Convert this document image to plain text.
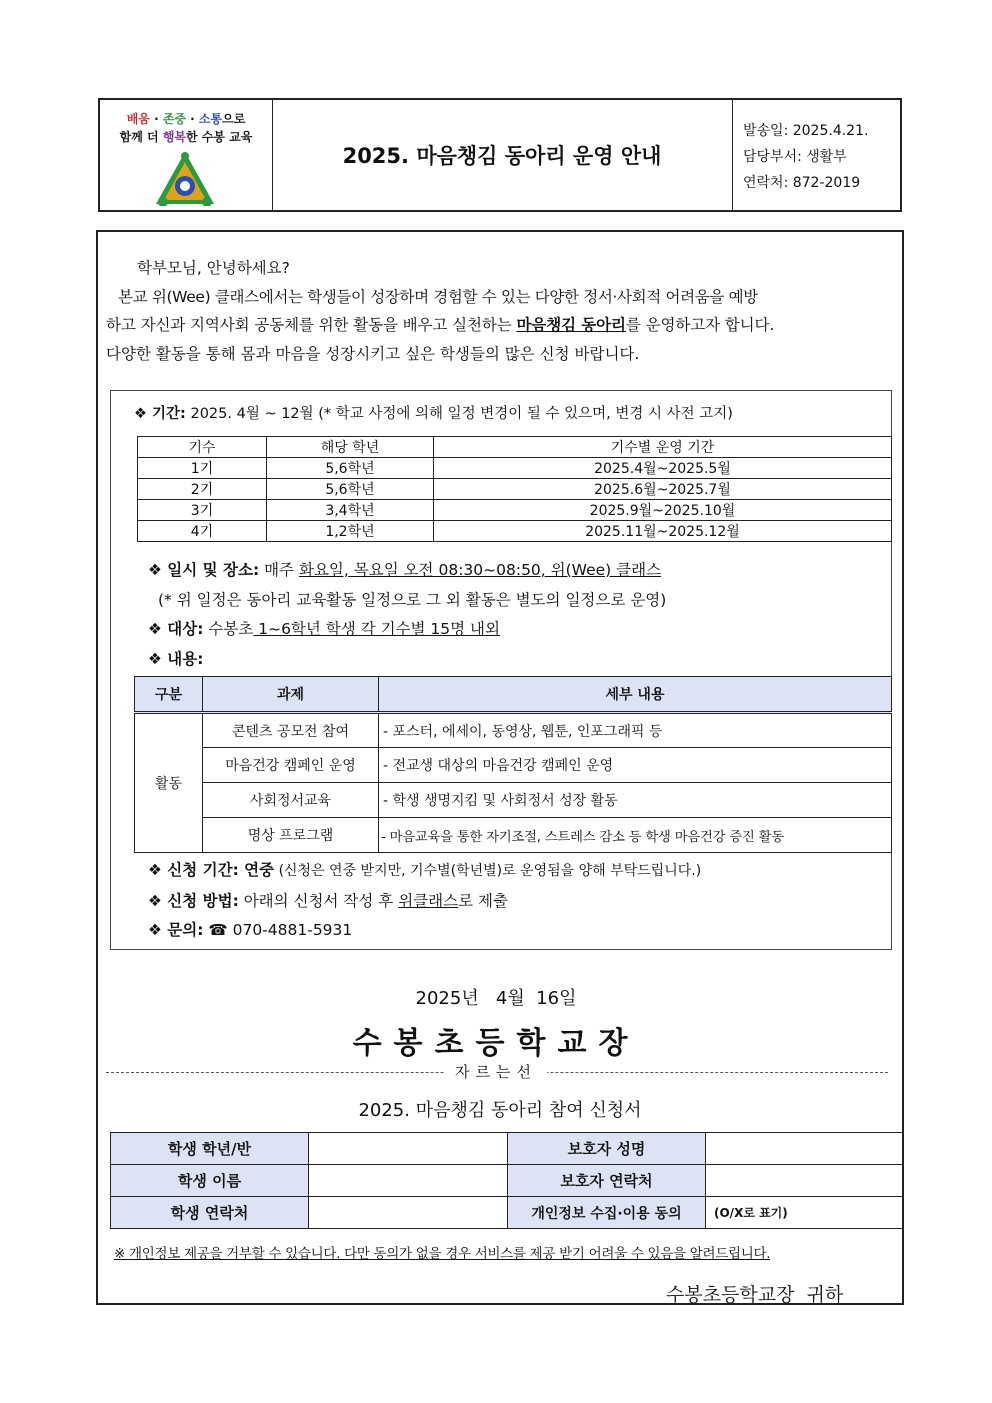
배움 · 존중 · 소통으로
함께 더 행복한 수봉 교육
2025. 마음챙김 동아리 운영 안내
발송일: 2025.4.21.
담당부서: 생활부
연락처: 872-2019
학부모님, 안녕하세요?
본교 위(Wee) 클래스에서는 학생들이 성장하며 경험할 수 있는 다양한 정서·사회적 어려움을 예방
하고 자신과 지역사회 공동체를 위한 활동을 배우고 실천하는 마음챙김 동아리를 운영하고자 합니다.
다양한 활동을 통해 몸과 마음을 성장시키고 싶은 학생들의 많은 신청 바랍니다.
❖ 기간: 2025. 4월 ~ 12월 (* 학교 사정에 의해 일정 변경이 될 수 있으며, 변경 시 사전 고지)
기수	해당 학년	기수별 운영 기간
1기	5,6학년	2025.4월~2025.5월
2기	5,6학년	2025.6월~2025.7월
3기	3,4학년	2025.9월~2025.10월
4기	1,2학년	2025.11월~2025.12월
❖ 일시 및 장소: 매주 화요일, 목요일 오전 08:30~08:50, 위(Wee) 클래스
(* 위 일정은 동아리 교육활동 일정으로 그 외 활동은 별도의 일정으로 운영)
❖ 대상: 수봉초 1~6학년 학생 각 기수별 15명 내외
❖ 내용:
구분	과제	세부 내용
활동	콘텐츠 공모전 참여	- 포스터, 에세이, 동영상, 웹툰, 인포그래픽 등
	마음건강 캠페인 운영	- 전교생 대상의 마음건강 캠페인 운영
	사회정서교육	- 학생 생명지킴 및 사회정서 성장 활동
	명상 프로그램	- 마음교육을 통한 자기조절, 스트레스 감소 등 학생 마음건강 증진 활동
❖ 신청 기간: 연중 (신청은 연중 받지만, 기수별(학년별)로 운영됨을 양해 부탁드립니다.)
❖ 신청 방법: 아래의 신청서 작성 후 위클래스로 제출
❖ 문의: ☎ 070-4881-5931
2025년   4월  16일
수봉초등학교장
자르는선
2025. 마음챙김 동아리 참여 신청서
학생 학년/반		보호자 성명	
학생 이름		보호자 연락처	
학생 연락처		개인정보 수집·이용 동의	(O/X로 표기)
※ 개인정보 제공을 거부할 수 있습니다. 다만 동의가 없을 경우 서비스를 제공 받기 어려울 수 있음을 알려드립니다.
수봉초등학교장  귀하
